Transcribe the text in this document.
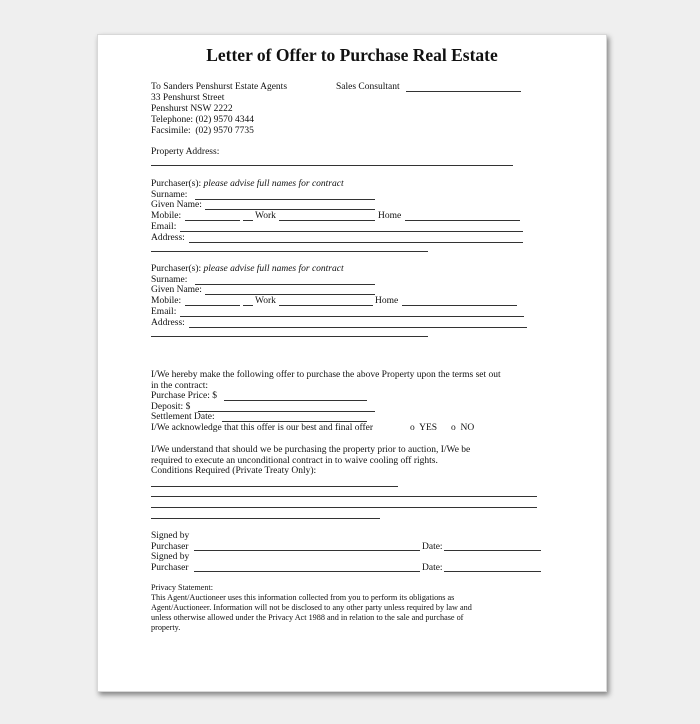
Letter of Offer to Purchase Real Estate
To Sanders Penshurst Estate Agents	Sales Consultant
33 Penshurst Street
Penshurst NSW 2222
Telephone: (02) 9570 4344
Facsimile:  (02) 9570 7735
Property Address:
Purchaser(s): please advise full names for contract
Surname:
Given Name:
Mobile:	Work	Home
Email:
Address:
Purchaser(s): please advise full names for contract
Surname:
Given Name:
Mobile:	Work	Home
Email:
Address:
I/We hereby make the following offer to purchase the above Property upon the terms set out
in the contract:
Purchase Price: $
Deposit: $
Settlement Date:
I/We acknowledge that this offer is our best and final offer	o  YES o  NO
I/We understand that should we be purchasing the property prior to auction, I/We be
required to execute an unconditional contract in to waive cooling off rights.
Conditions Required (Private Treaty Only):
Signed by
Purchaser	Date:
Signed by
Purchaser	Date:
Privacy Statement:
This Agent/Auctioneer uses this information collected from you to perform its obligations as
Agent/Auctioneer. Information will not be disclosed to any other party unless required by law and
unless otherwise allowed under the Privacy Act 1988 and in relation to the sale and purchase of
property.
